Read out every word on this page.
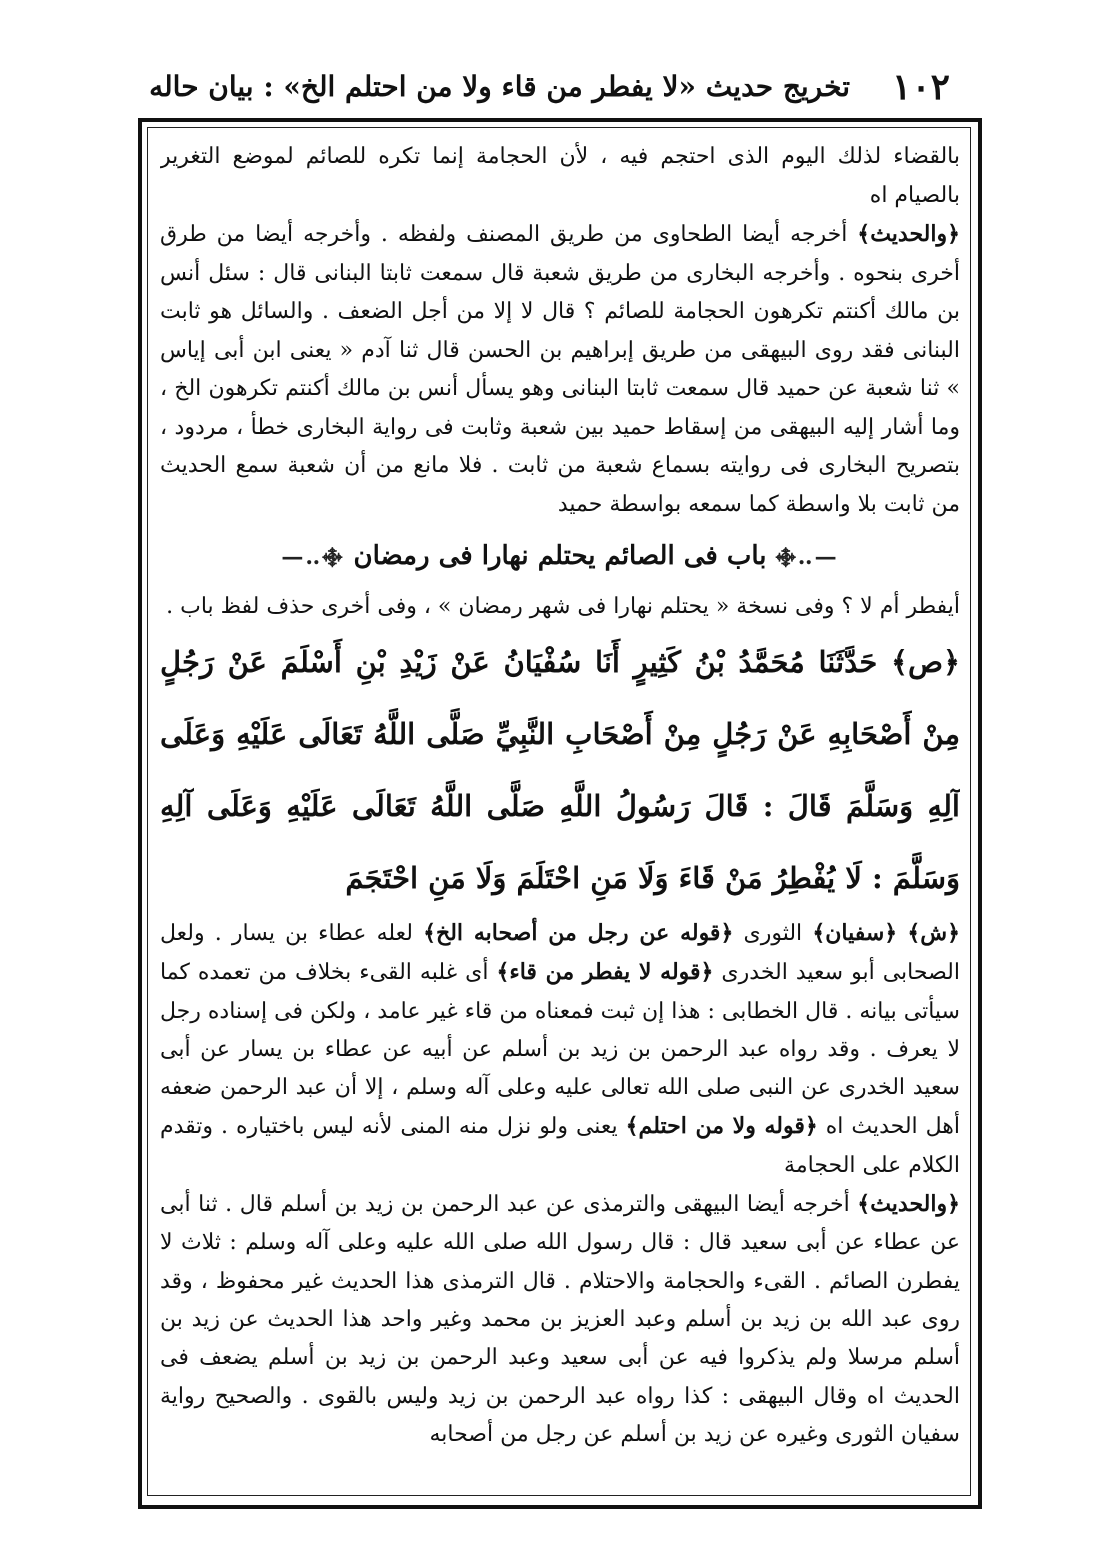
١٠٢
تخريج حديث «لا يفطر من قاء ولا من احتلم الخ» : بيان حاله

بالقضاء لذلك اليوم الذى احتجم فيه ، لأن الحجامة إنما تكره للصائم لموضع التغرير بالصيام اه

﴿والحديث﴾ أخرجه أيضا الطحاوى من طريق المصنف ولفظه . وأخرجه أيضا من طرق أخرى بنحوه . وأخرجه البخارى من طريق شعبة قال سمعت ثابتا البنانى قال : سئل أنس بن مالك أكنتم تكرهون الحجامة للصائم ؟ قال لا إلا من أجل الضعف . والسائل هو ثابت البنانى فقد روى البيهقى من طريق إبراهيم بن الحسن قال ثنا آدم « يعنى ابن أبى إياس » ثنا شعبة عن حميد قال سمعت ثابتا البنانى وهو يسأل أنس بن مالك أكنتم تكرهون الخ ، وما أشار إليه البيهقى من إسقاط حميد بين شعبة وثابت فى رواية البخارى خطأ ، مردود ، بتصريح البخارى فى روايته بسماع شعبة من ثابت . فلا مانع من أن شعبة سمع الحديث من ثابت بلا واسطة كما سمعه بواسطة حميد

—‥࿇ باب فى الصائم يحتلم نهارا فى رمضان ࿇‥—

أيفطر أم لا ؟ وفى نسخة « يحتلم نهارا فى شهر رمضان » ، وفى أخرى حذف لفظ باب .

﴿ص﴾ حَدَّثَنَا مُحَمَّدُ بْنُ كَثِيرٍ أَنَا سُفْيَانُ عَنْ زَيْدِ بْنِ أَسْلَمَ عَنْ رَجُلٍ مِنْ أَصْحَابِهِ عَنْ رَجُلٍ مِنْ أَصْحَابِ النَّبِيِّ صَلَّى اللَّهُ تَعَالَى عَلَيْهِ وَعَلَى آلِهِ وَسَلَّمَ قَالَ : قَالَ رَسُولُ اللَّهِ صَلَّى اللَّهُ تَعَالَى عَلَيْهِ وَعَلَى آلِهِ وَسَلَّمَ : لَا يُفْطِرُ مَنْ قَاءَ وَلَا مَنِ احْتَلَمَ وَلَا مَنِ احْتَجَمَ

﴿ش﴾ ﴿سفيان﴾ الثورى ﴿قوله عن رجل من أصحابه الخ﴾ لعله عطاء بن يسار . ولعل الصحابى أبو سعيد الخدرى ﴿قوله لا يفطر من قاء﴾ أى غلبه القىء بخلاف من تعمده كما سيأتى بيانه . قال الخطابى : هذا إن ثبت فمعناه من قاء غير عامد ، ولكن فى إسناده رجل لا يعرف . وقد رواه عبد الرحمن بن زيد بن أسلم عن أبيه عن عطاء بن يسار عن أبى سعيد الخدرى عن النبى صلى الله تعالى عليه وعلى آله وسلم ، إلا أن عبد الرحمن ضعفه أهل الحديث اه ﴿قوله ولا من احتلم﴾ يعنى ولو نزل منه المنى لأنه ليس باختياره . وتقدم الكلام على الحجامة

﴿والحديث﴾ أخرجه أيضا البيهقى والترمذى عن عبد الرحمن بن زيد بن أسلم قال . ثنا أبى عن عطاء عن أبى سعيد قال : قال رسول الله صلى الله عليه وعلى آله وسلم : ثلاث لا يفطرن الصائم . القىء والحجامة والاحتلام . قال الترمذى هذا الحديث غير محفوظ ، وقد روى عبد الله بن زيد بن أسلم وعبد العزيز بن محمد وغير واحد هذا الحديث عن زيد بن أسلم مرسلا ولم يذكروا فيه عن أبى سعيد وعبد الرحمن بن زيد بن أسلم يضعف فى الحديث اه وقال البيهقى : كذا رواه عبد الرحمن بن زيد وليس بالقوى . والصحيح رواية سفيان الثورى وغيره عن زيد بن أسلم عن رجل من أصحابه
